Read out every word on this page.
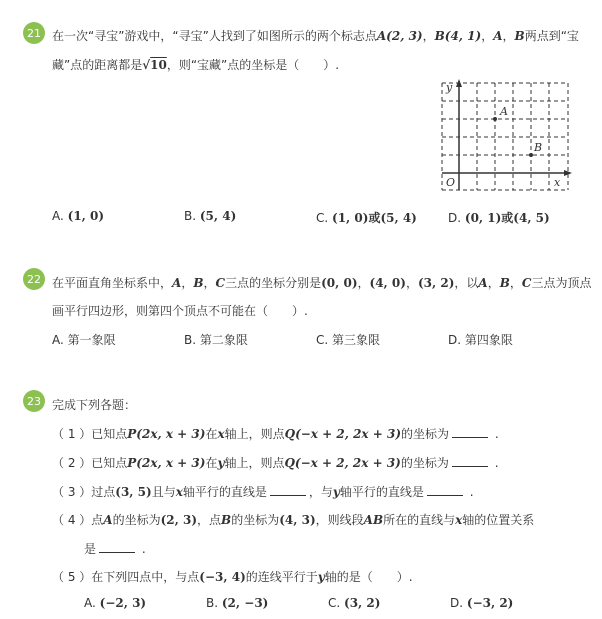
21 在一次“寻宝”游戏中，“寻宝”人找到了如图所示的两个标志点A(2, 3)，B(4, 1)，A，B两点到“宝
藏”点的距离都是√10，则“宝藏”点的坐标是（　　）.
y
A
B
O	x
A. (1, 0)	B. (5, 4)	C. (1, 0)或(5, 4)	D. (0, 1)或(4, 5)
22 在平面直角坐标系中，A，B，C三点的坐标分别是(0, 0)，(4, 0)，(3, 2)，以A，B，C三点为顶点
画平行四边形，则第四个顶点不可能在（　　）.
A. 第一象限	B. 第二象限	C. 第三象限	D. 第四象限
23 完成下列各题：
（ 1 ）已知点P(2x, x + 3)在x轴上，则点Q(−x + 2, 2x + 3)的坐标为	.
（ 2 ）已知点P(2x, x + 3)在y轴上，则点Q(−x + 2, 2x + 3)的坐标为	.
（ 3 ）过点(3, 5)且与x轴平行的直线是	，与y轴平行的直线是	.
（ 4 ）点A的坐标为(2, 3)，点B的坐标为(4, 3)，则线段AB所在的直线与x轴的位置关系
是	.
（ 5 ）在下列四点中，与点(−3, 4)的连线平行于y轴的是（　　）.
A. (−2, 3)	B. (2, −3)	C. (3, 2)	D. (−3, 2)
